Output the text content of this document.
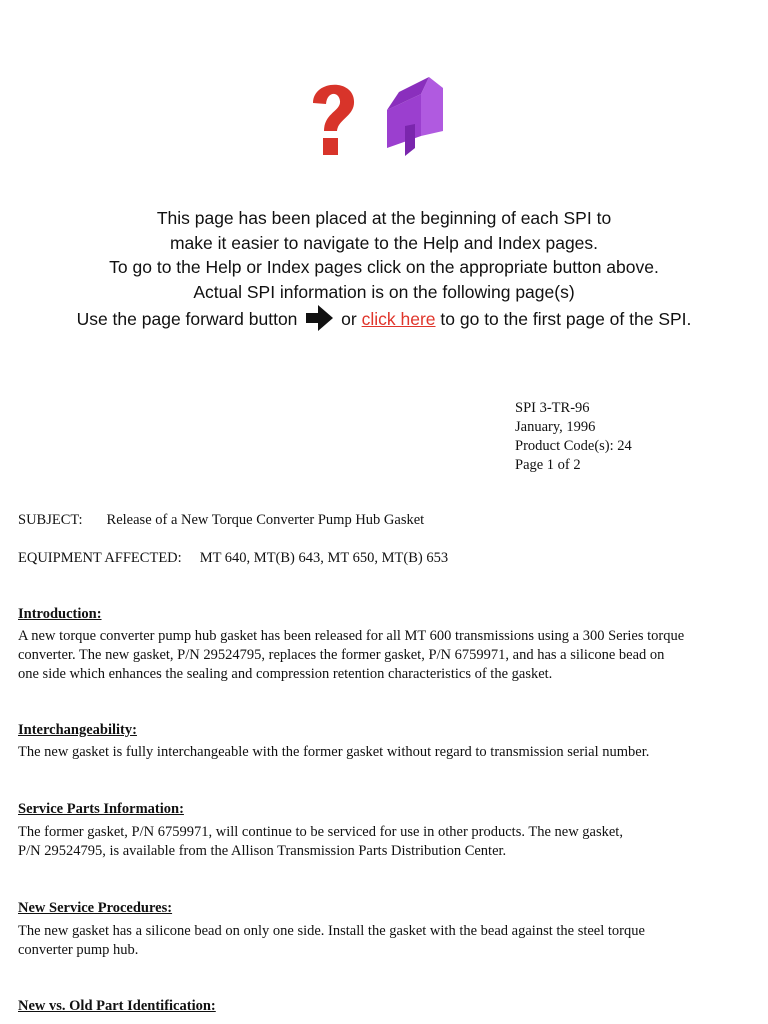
This page has been placed at the beginning of each SPI to
make it easier to navigate to the Help and Index pages.
To go to the Help or Index pages click on the appropriate button above.
Actual SPI information is on the following page(s)
Use the page forward button	or click here to go to the first page of the SPI.
SPI 3-TR-96
January, 1996
Product Code(s): 24
Page 1 of 2
SUBJECT: Release of a New Torque Converter Pump Hub Gasket
EQUIPMENT AFFECTED: MT 640, MT(B) 643, MT 650, MT(B) 653
Introduction:
A new torque converter pump hub gasket has been released for all MT 600 transmissions using a 300 Series torque
converter. The new gasket, P/N 29524795, replaces the former gasket, P/N 6759971, and has a silicone bead on
one side which enhances the sealing and compression retention characteristics of the gasket.
Interchangeability:
The new gasket is fully interchangeable with the former gasket without regard to transmission serial number.
Service Parts Information:
The former gasket, P/N 6759971, will continue to be serviced for use in other products. The new gasket,
P/N 29524795, is available from the Allison Transmission Parts Distribution Center.
New Service Procedures:
The new gasket has a silicone bead on only one side. Install the gasket with the bead against the steel torque
converter pump hub.
New vs. Old Part Identification:
